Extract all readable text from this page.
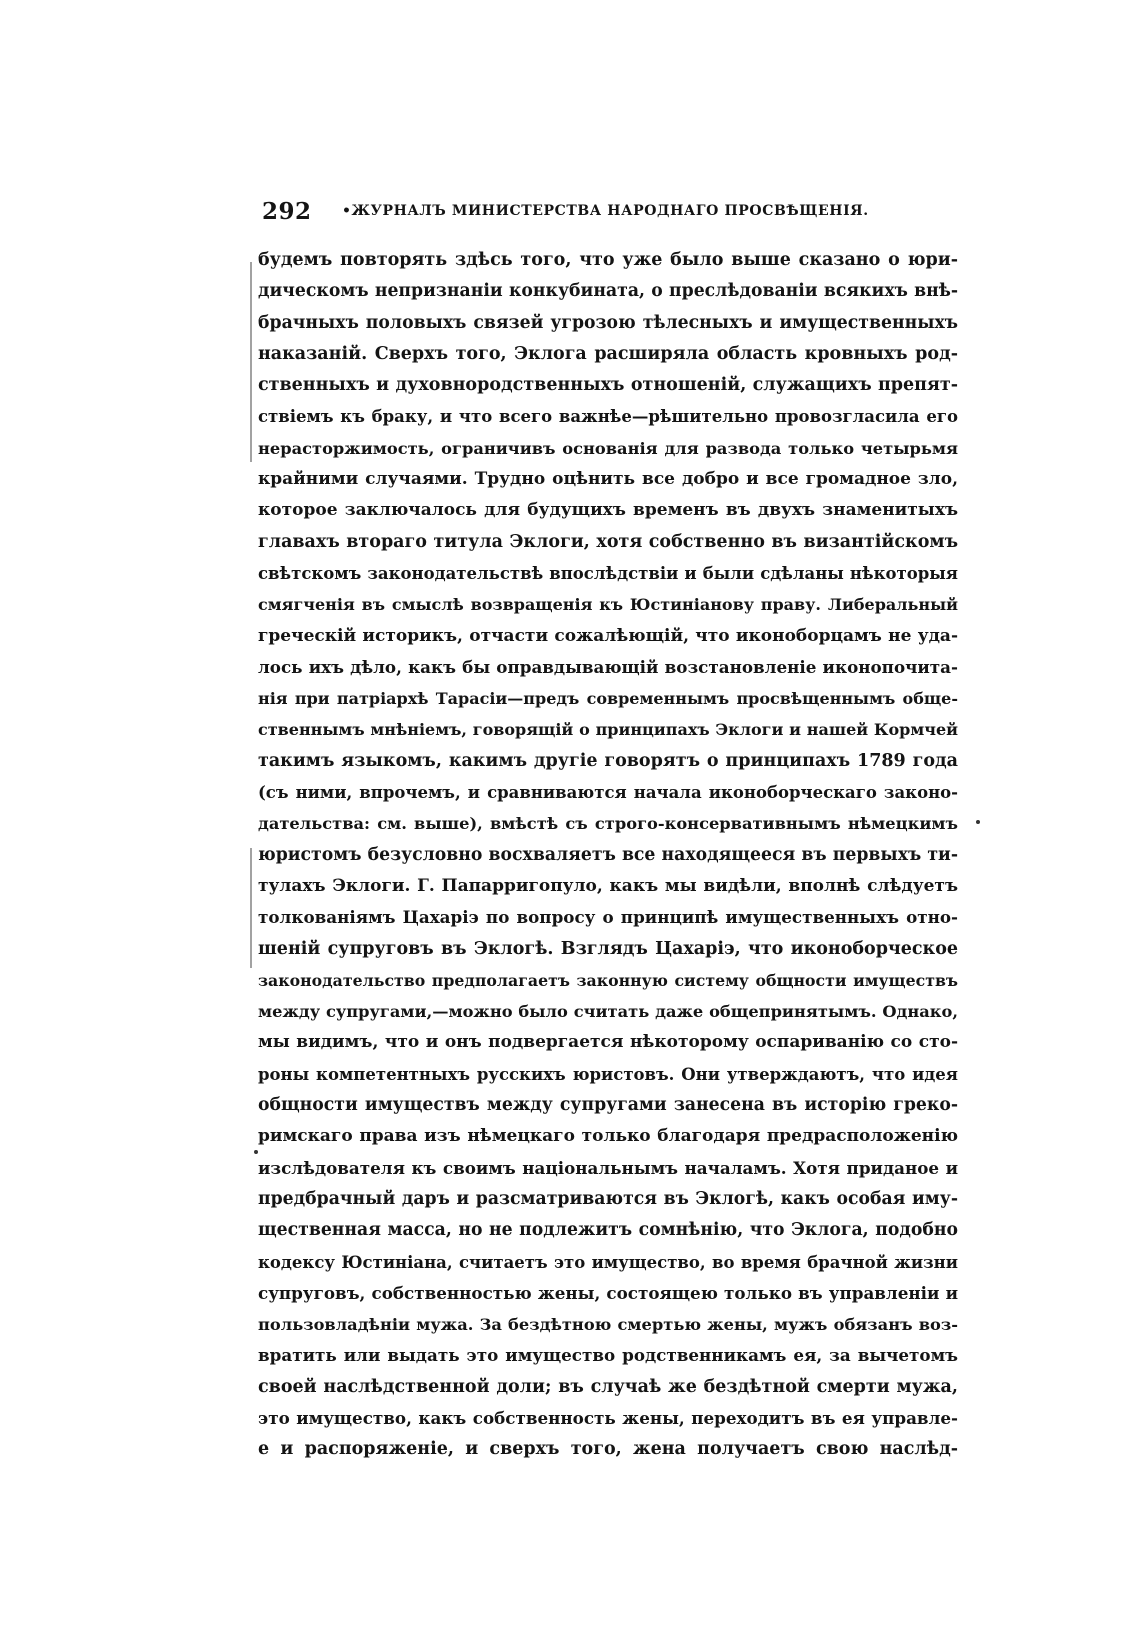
292 •ЖУРНАЛЪ МИНИСТЕРСТВА НАРОДНАГО ПРОСВѢЩЕНІЯ.
будемъ повторять здѣсь того, что уже было выше сказано о юри-
дическомъ непризнаніи конкубината, о преслѣдованіи всякихъ внѣ-
брачныхъ половыхъ связей угрозою тѣлесныхъ и имущественныхъ
наказаній. Сверхъ того, Эклога расширяла область кровныхъ род-
ственныхъ и духовнородственныхъ отношеній, служащихъ препят-
ствіемъ къ браку, и что всего важнѣе—рѣшительно провозгласила его
нерасторжимость, ограничивъ основанія для развода только четырьмя
крайними случаями. Трудно оцѣнить все добро и все громадное зло,
которое заключалось для будущихъ временъ въ двухъ знаменитыхъ
главахъ втораго титула Эклоги, хотя собственно въ византійскомъ
свѣтскомъ законодательствѣ впослѣдствіи и были сдѣланы нѣкоторыя
смягченія въ смыслѣ возвращенія къ Юстиніанову праву. Либеральный
греческій историкъ, отчасти сожалѣющій, что иконоборцамъ не уда-
лось ихъ дѣло, какъ бы оправдывающій возстановленіе иконопочита-
нія при патріархѣ Тарасіи—предъ современнымъ просвѣщеннымъ обще-
ственнымъ мнѣніемъ, говорящій о принципахъ Эклоги и нашей Кормчей
такимъ языкомъ, какимъ другіе говорятъ о принципахъ 1789 года
(съ ними, впрочемъ, и сравниваются начала иконоборческаго законо-
дательства: см. выше), вмѣстѣ съ строго-консервативнымъ нѣмецкимъ
юристомъ безусловно восхваляетъ все находящееся въ первыхъ ти-
тулахъ Эклоги. Г. Папарригопуло, какъ мы видѣли, вполнѣ слѣдуетъ
толкованіямъ Цахаріэ по вопросу о принципѣ имущественныхъ отно-
шеній супруговъ въ Эклогѣ. Взглядъ Цахаріэ, что иконоборческое
законодательство предполагаетъ законную систему общности имуществъ
между супругами,—можно было считать даже общепринятымъ. Однако,
мы видимъ, что и онъ подвергается нѣкоторому оспариванію со сто-
роны компетентныхъ русскихъ юристовъ. Они утверждаютъ, что идея
общности имуществъ между супругами занесена въ исторію греко-
римскаго права изъ нѣмецкаго только благодаря предрасположенію
изслѣдователя къ своимъ національнымъ началамъ. Хотя приданое и
предбрачный даръ и разсматриваются въ Эклогѣ, какъ особая иму-
щественная масса, но не подлежитъ сомнѣнію, что Эклога, подобно
кодексу Юстиніана, считаетъ это имущество, во время брачной жизни
супруговъ, собственностью жены, состоящею только въ управленіи и
пользовладѣніи мужа. За бездѣтною смертью жены, мужъ обязанъ воз-
вратить или выдать это имущество родственникамъ ея, за вычетомъ
своей наслѣдственной доли; въ случаѣ же бездѣтной смерти мужа,
это имущество, какъ собственность жены, переходитъ въ ея управле-
е и распоряженіе, и сверхъ того, жена получаетъ свою наслѣд-
